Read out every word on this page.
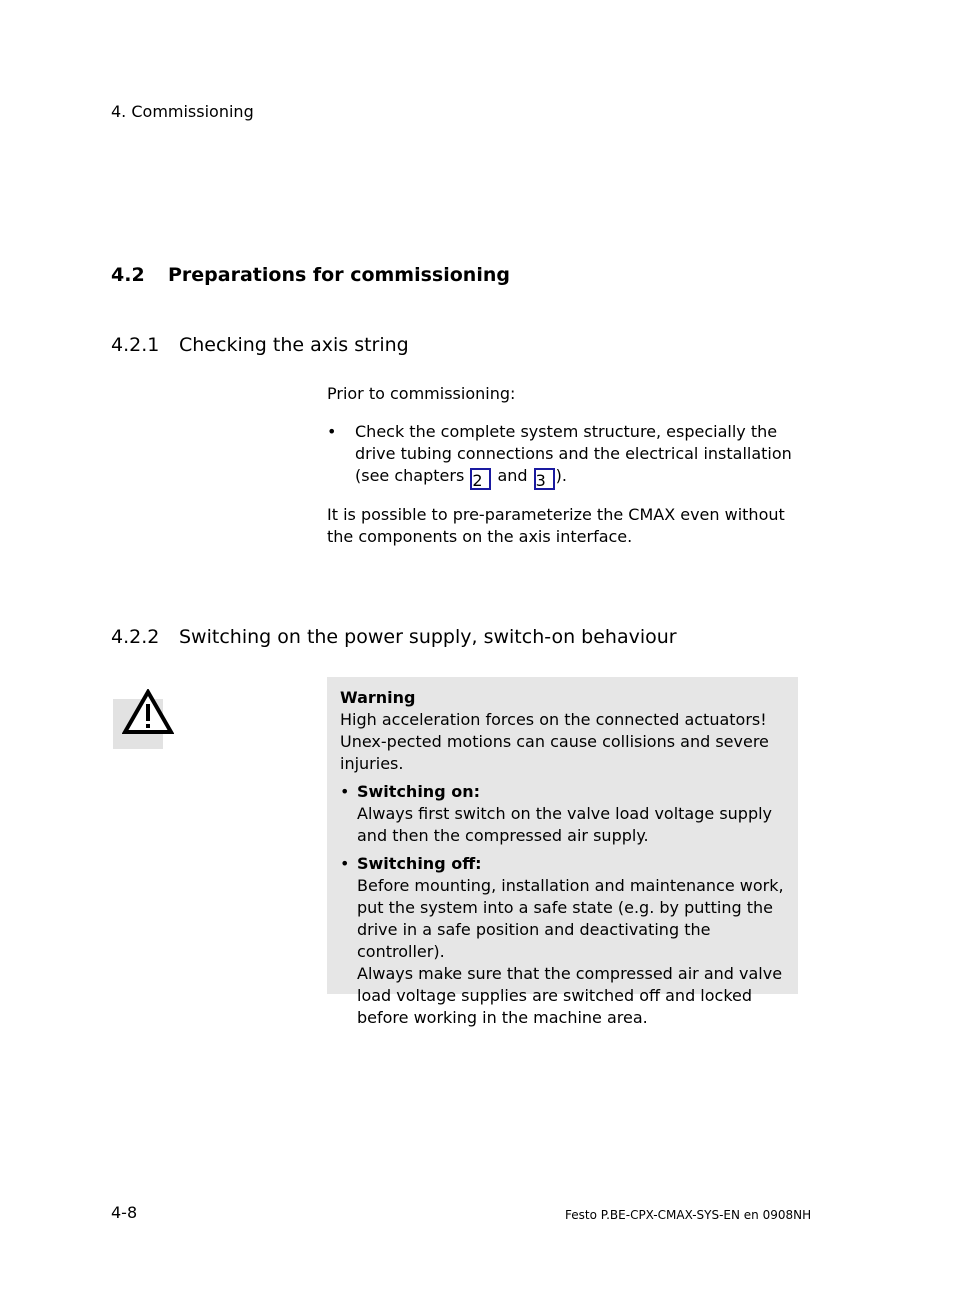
4. Commissioning
4.2 Preparations for commissioning
4.2.1 Checking the axis string
Prior to commissioning:
• Check the complete system structure, especially the drive tubing connections and the electrical installation (see chapters 2 and 3 ).
It is possible to pre-parameterize the CMAX even without the components on the axis interface.
4.2.2 Switching on the power supply, switch-on behaviour
Warning
High acceleration forces on the connected actuators! Unex-pected motions can cause collisions and severe injuries.
• Switching on:
Always first switch on the valve load voltage supply and then the compressed air supply.
• Switching off:
Before mounting, installation and maintenance work, put the system into a safe state (e.g. by putting the drive in a safe position and deactivating the controller).
Always make sure that the compressed air and valve load voltage supplies are switched off and locked before working in the machine area.
4-8	Festo P.BE-CPX-CMAX-SYS-EN en 0908NH
